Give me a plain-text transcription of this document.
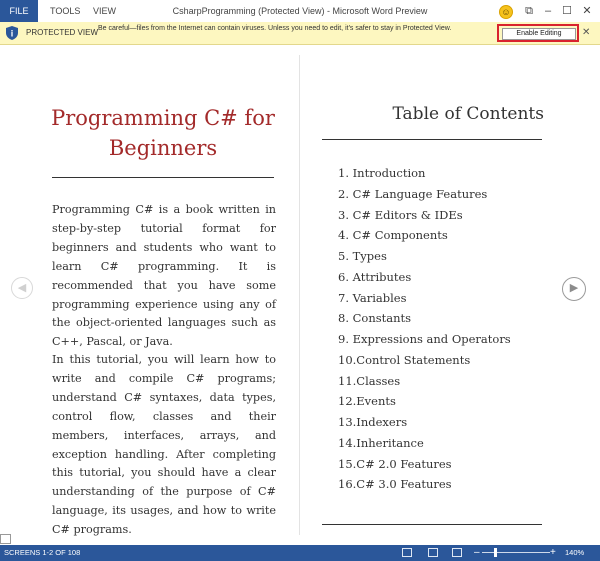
FILE	TOOLS VIEW	CsharpProgramming (Protected View) - Microsoft Word Preview	☺	⧉	–	☐ ✕
i PROTECTED VIEW Be careful—files from the Internet can contain viruses. Unless you need to edit, it's safer to stay in Protected View.	✕
Enable Editing
◀	▶
Programming C# for Beginners

Programming C# is a book written in step-by-step tutorial format for beginners and students who want to learn C# programming. It is recommended that you have some programming experience using any of the object-oriented languages such as C++, Pascal, or Java.

In this tutorial, you will learn how to write and compile C# programs; understand C# syntaxes, data types, control flow, classes and their members, interfaces, arrays, and exception handling. After completing this tutorial, you should have a clear understanding of the purpose of C# language, its usages, and how to write C# programs.

Table of Contents
1. Introduction
2. C# Language Features
3. C# Editors & IDEs
4. C# Components
5. Types
6. Attributes
7. Variables
8. Constants
9. Expressions and Operators
10.Control Statements
11.Classes
12.Events
13.Indexers
14.Inheritance
15.C# 2.0 Features
16.C# 3.0 Features
SCREENS 1-2 OF 108	–	+ 140%
